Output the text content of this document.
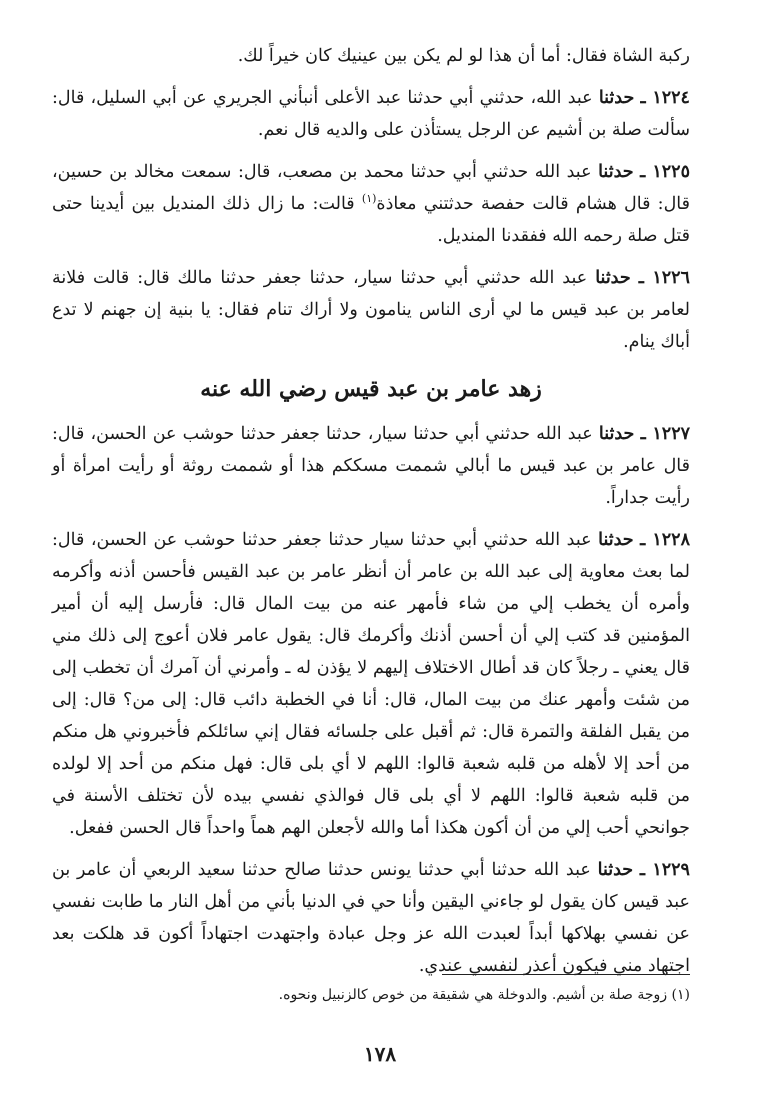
ركبة الشاة فقال: أما أن هذا لو لم يكن بين عينيك كان خيراً لك.

١٢٢٤ ـ حدثنا عبد الله، حدثني أبي حدثنا عبد الأعلى أنبأني الجريري عن أبي السليل، قال: سألت صلة بن أشيم عن الرجل يستأذن على والديه قال نعم.

١٢٢٥ ـ حدثنا عبد الله حدثني أبي حدثنا محمد بن مصعب، قال: سمعت مخالد بن حسين، قال: قال هشام قالت حفصة حدثتني معاذة$^{(١)}$ قالت: ما زال ذلك المنديل بين أيدينا حتى قتل صلة رحمه الله ففقدنا المنديل.

١٢٢٦ ـ حدثنا عبد الله حدثني أبي حدثنا سيار، حدثنا جعفر حدثنا مالك قال: قالت فلانة لعامر بن عبد قيس ما لي أرى الناس ينامون ولا أراك تنام فقال: يا بنية إن جهنم لا تدع أباك ينام.

زهد عامر بن عبد قيس رضي الله عنه

١٢٢٧ ـ حدثنا عبد الله حدثني أبي حدثنا سيار، حدثنا جعفر حدثنا حوشب عن الحسن، قال: قال عامر بن عبد قيس ما أبالي شممت مسككم هذا أو شممت روثة أو رأيت امرأة أو رأيت جداراً.

١٢٢٨ ـ حدثنا عبد الله حدثني أبي حدثنا سيار حدثنا جعفر حدثنا حوشب عن الحسن، قال: لما بعث معاوية إلى عبد الله بن عامر أن أنظر عامر بن عبد القيس فأحسن أذنه وأكرمه وأمره أن يخطب إلي من شاء فأمهر عنه من بيت المال قال: فأرسل إليه أن أمير المؤمنين قد كتب إلي أن أحسن أذنك وأكرمك قال: يقول عامر فلان أعوج إلى ذلك مني قال يعني ـ رجلاً كان قد أطال الاختلاف إليهم لا يؤذن له ـ وأمرني أن آمرك أن تخطب إلى من شئت وأمهر عنك من بيت المال، قال: أنا في الخطبة دائب قال: إلى من؟ قال: إلى من يقبل الفلقة والتمرة قال: ثم أقبل على جلسائه فقال إني سائلكم فأخبروني هل منكم من أحد إلا لأهله من قلبه شعبة قالوا: اللهم لا أي بلى قال: فهل منكم من أحد إلا لولده من قلبه شعبة قالوا: اللهم لا أي بلى قال فوالذي نفسي بيده لأن تختلف الأسنة في جوانحي أحب إلي من أن أكون هكذا أما والله لأجعلن الهم هماً واحداً قال الحسن ففعل.

١٢٢٩ ـ حدثنا عبد الله حدثنا أبي حدثنا يونس حدثنا صالح حدثنا سعيد الربعي أن عامر بن عبد قيس كان يقول لو جاءني اليقين وأنا حي في الدنيا بأني من أهل النار ما طابت نفسي عن نفسي بهلاكها أبداً لعبدت الله عز وجل عبادة واجتهدت اجتهاداً أكون قد هلكت بعد اجتهاد مني فيكون أعذر لنفسي عندي.

(١) زوجة صلة بن أشيم. والدوخلة هي شقيقة من خوص كالزنبيل ونحوه.
١٧٨
